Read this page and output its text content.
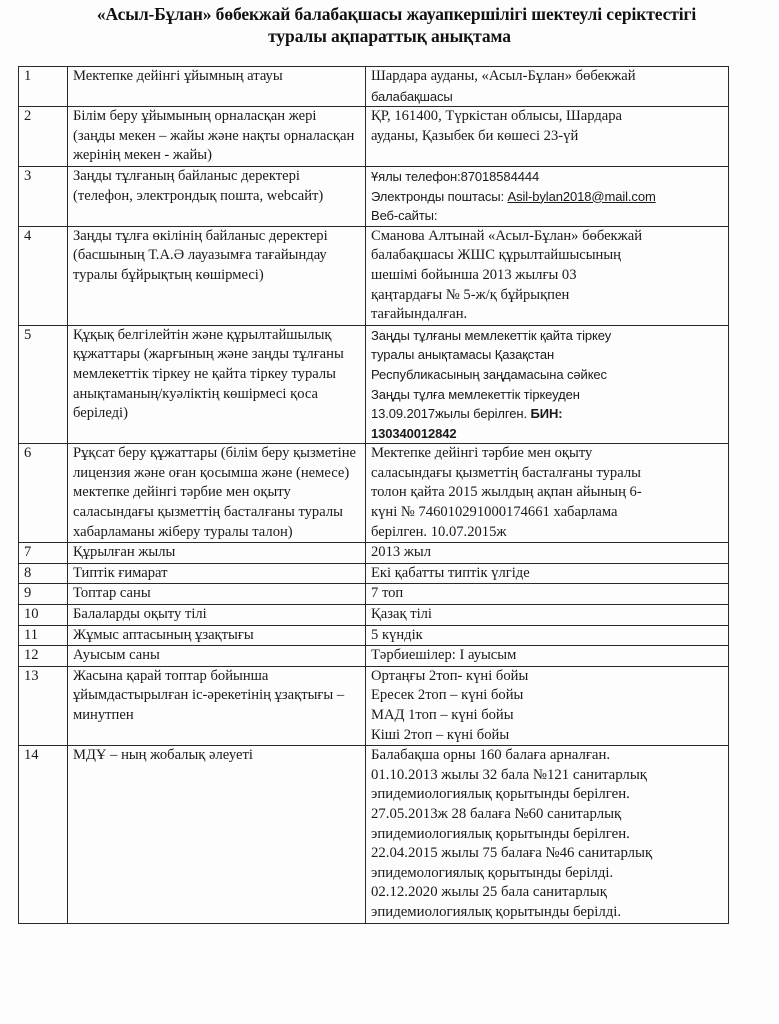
«Асыл-Бұлан» бөбекжай балабақшасы жауапкершілігі шектеулі серіктестігі
туралы ақпараттық анықтама
1	Мектепке дейінгі ұйымның атауы	Шардара ауданы, «Асыл-Бұлан» бөбекжай
балабақшасы

2	Білім беру ұйымының орналасқан жері (заңды мекен – жайы және нақты орналасқан жерінің мекен - жайы)	ҚР, 161400, Түркістан облысы, Шардара
ауданы, Қазыбек би көшесі 23-үй

3	Заңды тұлғаның байланыс деректері (телефон, электрондық пошта, webсайт)	Ұялы телефон:87018584444
Электронды поштасы: Asil-bylan2018@mail.com
Веб-сайты:

4	Заңды тұлға өкілінің байланыс деректері (басшының Т.А.Ә лауазымға тағайындау туралы бұйрықтың көшірмесі)	Сманова Алтынай «Асыл-Бұлан» бөбекжай
балабақшасы ЖШС құрылтайшысының
шешімі бойынша 2013 жылғы 03
қаңтардағы № 5-ж/қ бұйрықпен
тағайындалған.

5	Құқық белгілейтін және құрылтайшылық құжаттары (жарғының және заңды тұлғаны мемлекеттік тіркеу не қайта тіркеу туралы анықтаманың/куәліктің көшірмесі қоса беріледі)	
Заңды тұлғаны мемлекеттік қайта тіркеу
туралы анықтамасы Қазақстан
Республикасының заңдамасына сәйкес
Заңды тұлға мемлекеттік тіркеуден
13.09.2017жылы берілген. БИН:
130340012842

6	Рұқсат беру құжаттары (білім беру қызметіне лицензия және оған қосымша және (немесе) мектепке дейінгі тәрбие мен оқыту саласындағы қызметтің басталғаны туралы хабарламаны жіберу туралы талон)	Мектепке дейінгі тәрбие мен оқыту
саласындағы қызметтің басталғаны туралы
толон қайта 2015 жылдың ақпан айының 6-
күні № 746010291000174661 хабарлама
берілген. 10.07.2015ж

7	Құрылған жылы	2013 жыл
8	Типтік ғимарат	Екі қабатты типтік үлгіде
9	Топтар саны	7 топ
10	Балаларды оқыту тілі	Қазақ тілі
11	Жұмыс аптасының ұзақтығы	5 күндік
12	Ауысым саны	Тәрбиешілер: І ауысым
13	Жасына қарай топтар бойынша ұйымдастырылған іс-әрекетінің ұзақтығы – минутпен	Ортаңғы 2топ- күні бойы
Ересек 2топ – күні бойы
МАД 1топ – күні бойы
Кіші 2топ – күні бойы

14	МДҰ – ның жобалық әлеуеті	Балабақша орны 160 балаға арналған.
01.10.2013 жылы 32 бала №121 санитарлық
эпидемиологиялық қорытынды берілген.
27.05.2013ж 28 балаға №60 санитарлық
эпидемиологиялық қорытынды берілген.
22.04.2015 жылы 75 балаға №46 санитарлық
эпидемологиялық қорытынды берілді.
02.12.2020 жылы 25 бала санитарлық
эпидемиологиялық қорытынды берілді.
